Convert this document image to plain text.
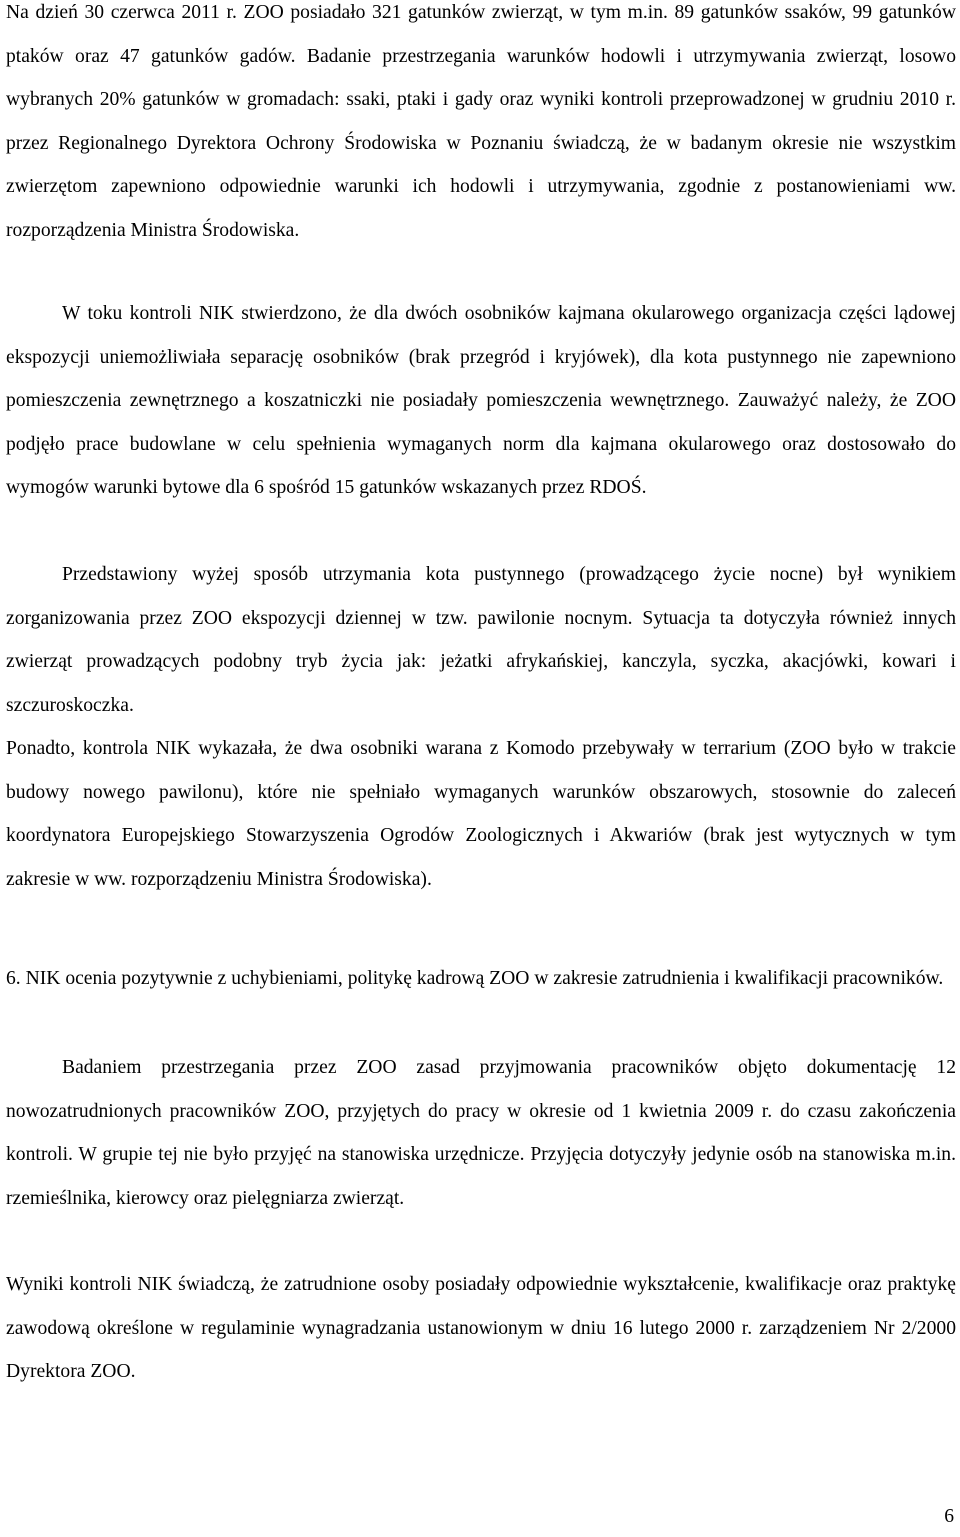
Na dzień 30 czerwca 2011 r. ZOO posiadało 321 gatunków zwierząt, w tym m.in. 89 gatunków ssaków, 99 gatunków ptaków oraz 47 gatunków gadów. Badanie przestrzegania warunków hodowli i utrzymywania zwierząt, losowo wybranych 20% gatunków w gromadach: ssaki, ptaki i gady oraz wyniki kontroli przeprowadzonej w grudniu 2010 r. przez Regionalnego Dyrektora Ochrony Środowiska w Poznaniu świadczą, że w badanym okresie nie wszystkim zwierzętom zapewniono odpowiednie warunki ich hodowli i utrzymywania, zgodnie z postanowieniami ww. rozporządzenia Ministra Środowiska.

W toku kontroli NIK stwierdzono, że dla dwóch osobników kajmana okularowego organizacja części lądowej ekspozycji uniemożliwiała separację osobników (brak przegród i kryjówek), dla kota pustynnego nie zapewniono pomieszczenia zewnętrznego a koszatniczki nie posiadały pomieszczenia wewnętrznego. Zauważyć należy, że ZOO podjęło prace budowlane w celu spełnienia wymaganych norm dla kajmana okularowego oraz dostosowało do wymogów warunki bytowe dla 6 spośród 15 gatunków wskazanych przez RDOŚ.

Przedstawiony wyżej sposób utrzymania kota pustynnego (prowadzącego życie nocne) był wynikiem zorganizowania przez ZOO ekspozycji dziennej w tzw. pawilonie nocnym. Sytuacja ta dotyczyła również innych zwierząt prowadzących podobny tryb życia jak: jeżatki afrykańskiej, kanczyla, syczka, akacjówki, kowari i szczuroskoczka.

Ponadto, kontrola NIK wykazała, że dwa osobniki warana z Komodo przebywały w terrarium (ZOO było w trakcie budowy nowego pawilonu), które nie spełniało wymaganych warunków obszarowych, stosownie do zaleceń koordynatora Europejskiego Stowarzyszenia Ogrodów Zoologicznych i Akwariów (brak jest wytycznych w tym zakresie w ww. rozporządzeniu Ministra Środowiska).

6. NIK ocenia pozytywnie z uchybieniami, politykę kadrową ZOO w zakresie zatrudnienia i kwalifikacji pracowników.

Badaniem przestrzegania przez ZOO zasad przyjmowania pracowników objęto dokumentację 12 nowozatrudnionych pracowników ZOO, przyjętych do pracy w okresie od 1 kwietnia 2009 r. do czasu zakończenia kontroli. W grupie tej nie było przyjęć na stanowiska urzędnicze. Przyjęcia dotyczyły jedynie osób na stanowiska m.in. rzemieślnika, kierowcy oraz pielęgniarza zwierząt.

Wyniki kontroli NIK świadczą, że zatrudnione osoby posiadały odpowiednie wykształcenie, kwalifikacje oraz praktykę zawodową określone w regulaminie wynagradzania ustanowionym w dniu 16 lutego 2000 r. zarządzeniem Nr 2/2000 Dyrektora ZOO.

6
